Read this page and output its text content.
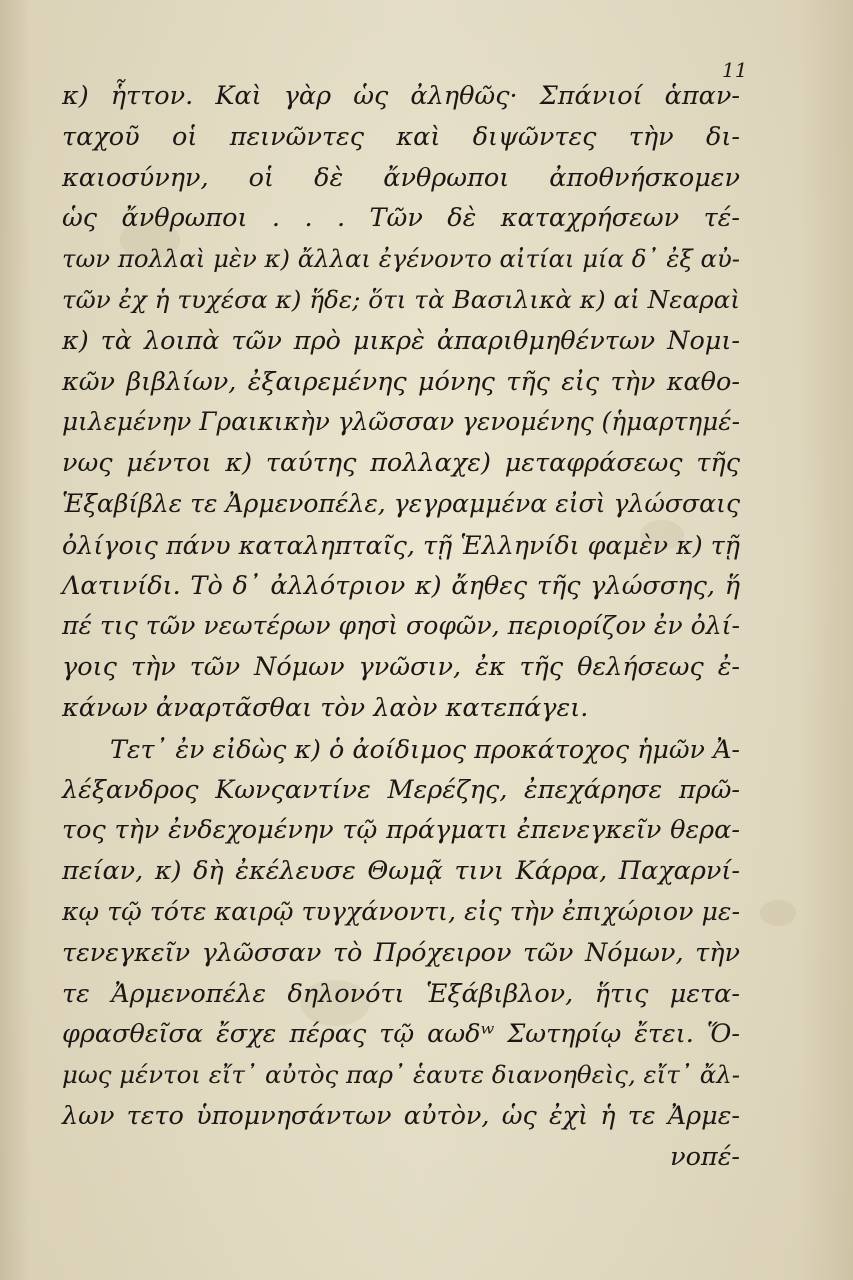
11
κ) ἧττον. Καὶ γὰρ ὡς ἀληθῶς· Σπάνιοί ἁπαν-
ταχοῦ οἱ πεινῶντες καὶ διψῶντες τὴν δι-
καιοσύνην, οἱ δὲ ἄνθρωποι ἀποθνήσκομεν
ὡς ἄνθρωποι . . . Τῶν δὲ καταχρήσεων τέ-
των πολλαὶ μὲν κ) ἄλλαι ἐγένοντο αἰτίαι μία δ᾽ ἐξ αὐ-
τῶν ἐχ ἡ τυχέσα κ) ἥδε; ὅτι τὰ Βασιλικὰ κ) αἱ Νεαραὶ
κ) τὰ λοιπὰ τῶν πρὸ μικρὲ ἀπαριθμηθέντων Νομι-
κῶν βιβλίων, ἐξαιρεμένης μόνης τῆς εἰς τὴν καθο-
μιλεμένην Γραικικὴν γλῶσσαν γενομένης (ἡμαρτημέ-
νως μέντοι κ) ταύτης πολλαχε) μεταφράσεως τῆς
Ἑξαβίβλε τε Ἀρμενοπέλε, γεγραμμένα εἰσὶ γλώσσαις
ὀλίγοις πάνυ καταληπταῖς, τῇ Ἑλληνίδι φαμὲν κ) τῇ
Λατινίδι. Τὸ δ᾽ ἀλλότριον κ) ἄηθες τῆς γλώσσης, ἥ
πέ τις τῶν νεωτέρων φησὶ σοφῶν, περιορίζον ἐν ὀλί-
γοις τὴν τῶν Νόμων γνῶσιν, ἐκ τῆς θελήσεως ἐ-
κάνων ἀναρτᾶσθαι τὸν λαὸν κατεπάγει.
Τετ᾽ ἐν εἰδὼς κ) ὁ ἀοίδιμος προκάτοχος ἡμῶν Ἀ-
λέξανδρος Κωνςαντίνε Μερέζης, ἐπεχάρησε πρῶ-
τος τὴν ἐνδεχομένην τῷ πράγματι ἐπενεγκεῖν θερα-
πείαν, κ) δὴ ἐκέλευσε Θωμᾷ τινι Κάρρα, Παχαρνί-
κῳ τῷ τότε καιρῷ τυγχάνοντι, εἰς τὴν ἐπιχώριον με-
τενεγκεῖν γλῶσσαν τὸ Πρόχειρον τῶν Νόμων, τὴν
τε Ἀρμενοπέλε δηλονότι Ἑξάβιβλον, ἥτις μετα-
φρασθεῖσα ἔσχε πέρας τῷ αωδʷ Σωτηρίῳ ἔτει. Ὅ-
μως μέντοι εἴτ᾽ αὐτὸς παρ᾽ ἑαυτε διανοηθεὶς, εἴτ᾽ ἄλ-
λων τετο ὑπομνησάντων αὐτὸν, ὡς ἐχὶ ἡ τε Ἀρμε-
νοπέ-
